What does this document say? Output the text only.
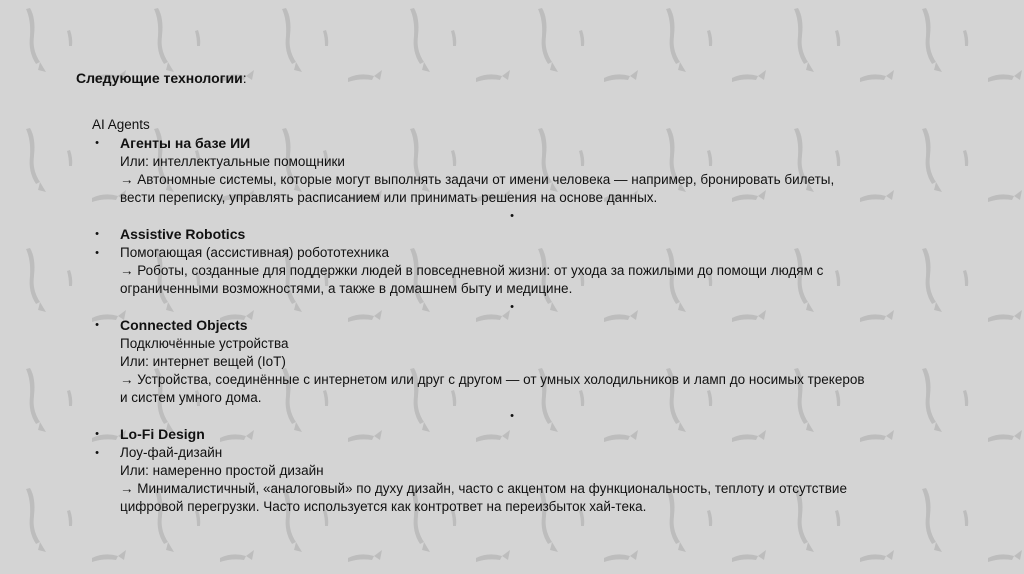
Следующие технологии:
AI Agents
• Агенты на базе ИИ
Или: интеллектуальные помощники
→ Автономные системы, которые могут выполнять задачи от имени человека — например, бронировать билеты,
вести переписку, управлять расписанием или принимать решения на основе данных.
•
• Assistive Robotics
• Помогающая (ассистивная) робототехника
→ Роботы, созданные для поддержки людей в повседневной жизни: от ухода за пожилыми до помощи людям с
ограниченными возможностями, а также в домашнем быту и медицине.
•
• Connected Objects
Подключённые устройства
Или: интернет вещей (IoT)
→ Устройства, соединённые с интернетом или друг с другом — от умных холодильников и ламп до носимых трекеров
и систем умного дома.
•
• Lo-Fi Design
• Лоу-фай-дизайн
Или: намеренно простой дизайн
→ Минималистичный, «аналоговый» по духу дизайн, часто с акцентом на функциональность, теплоту и отсутствие
цифровой перегрузки. Часто используется как контрответ на переизбыток хай-тека.
